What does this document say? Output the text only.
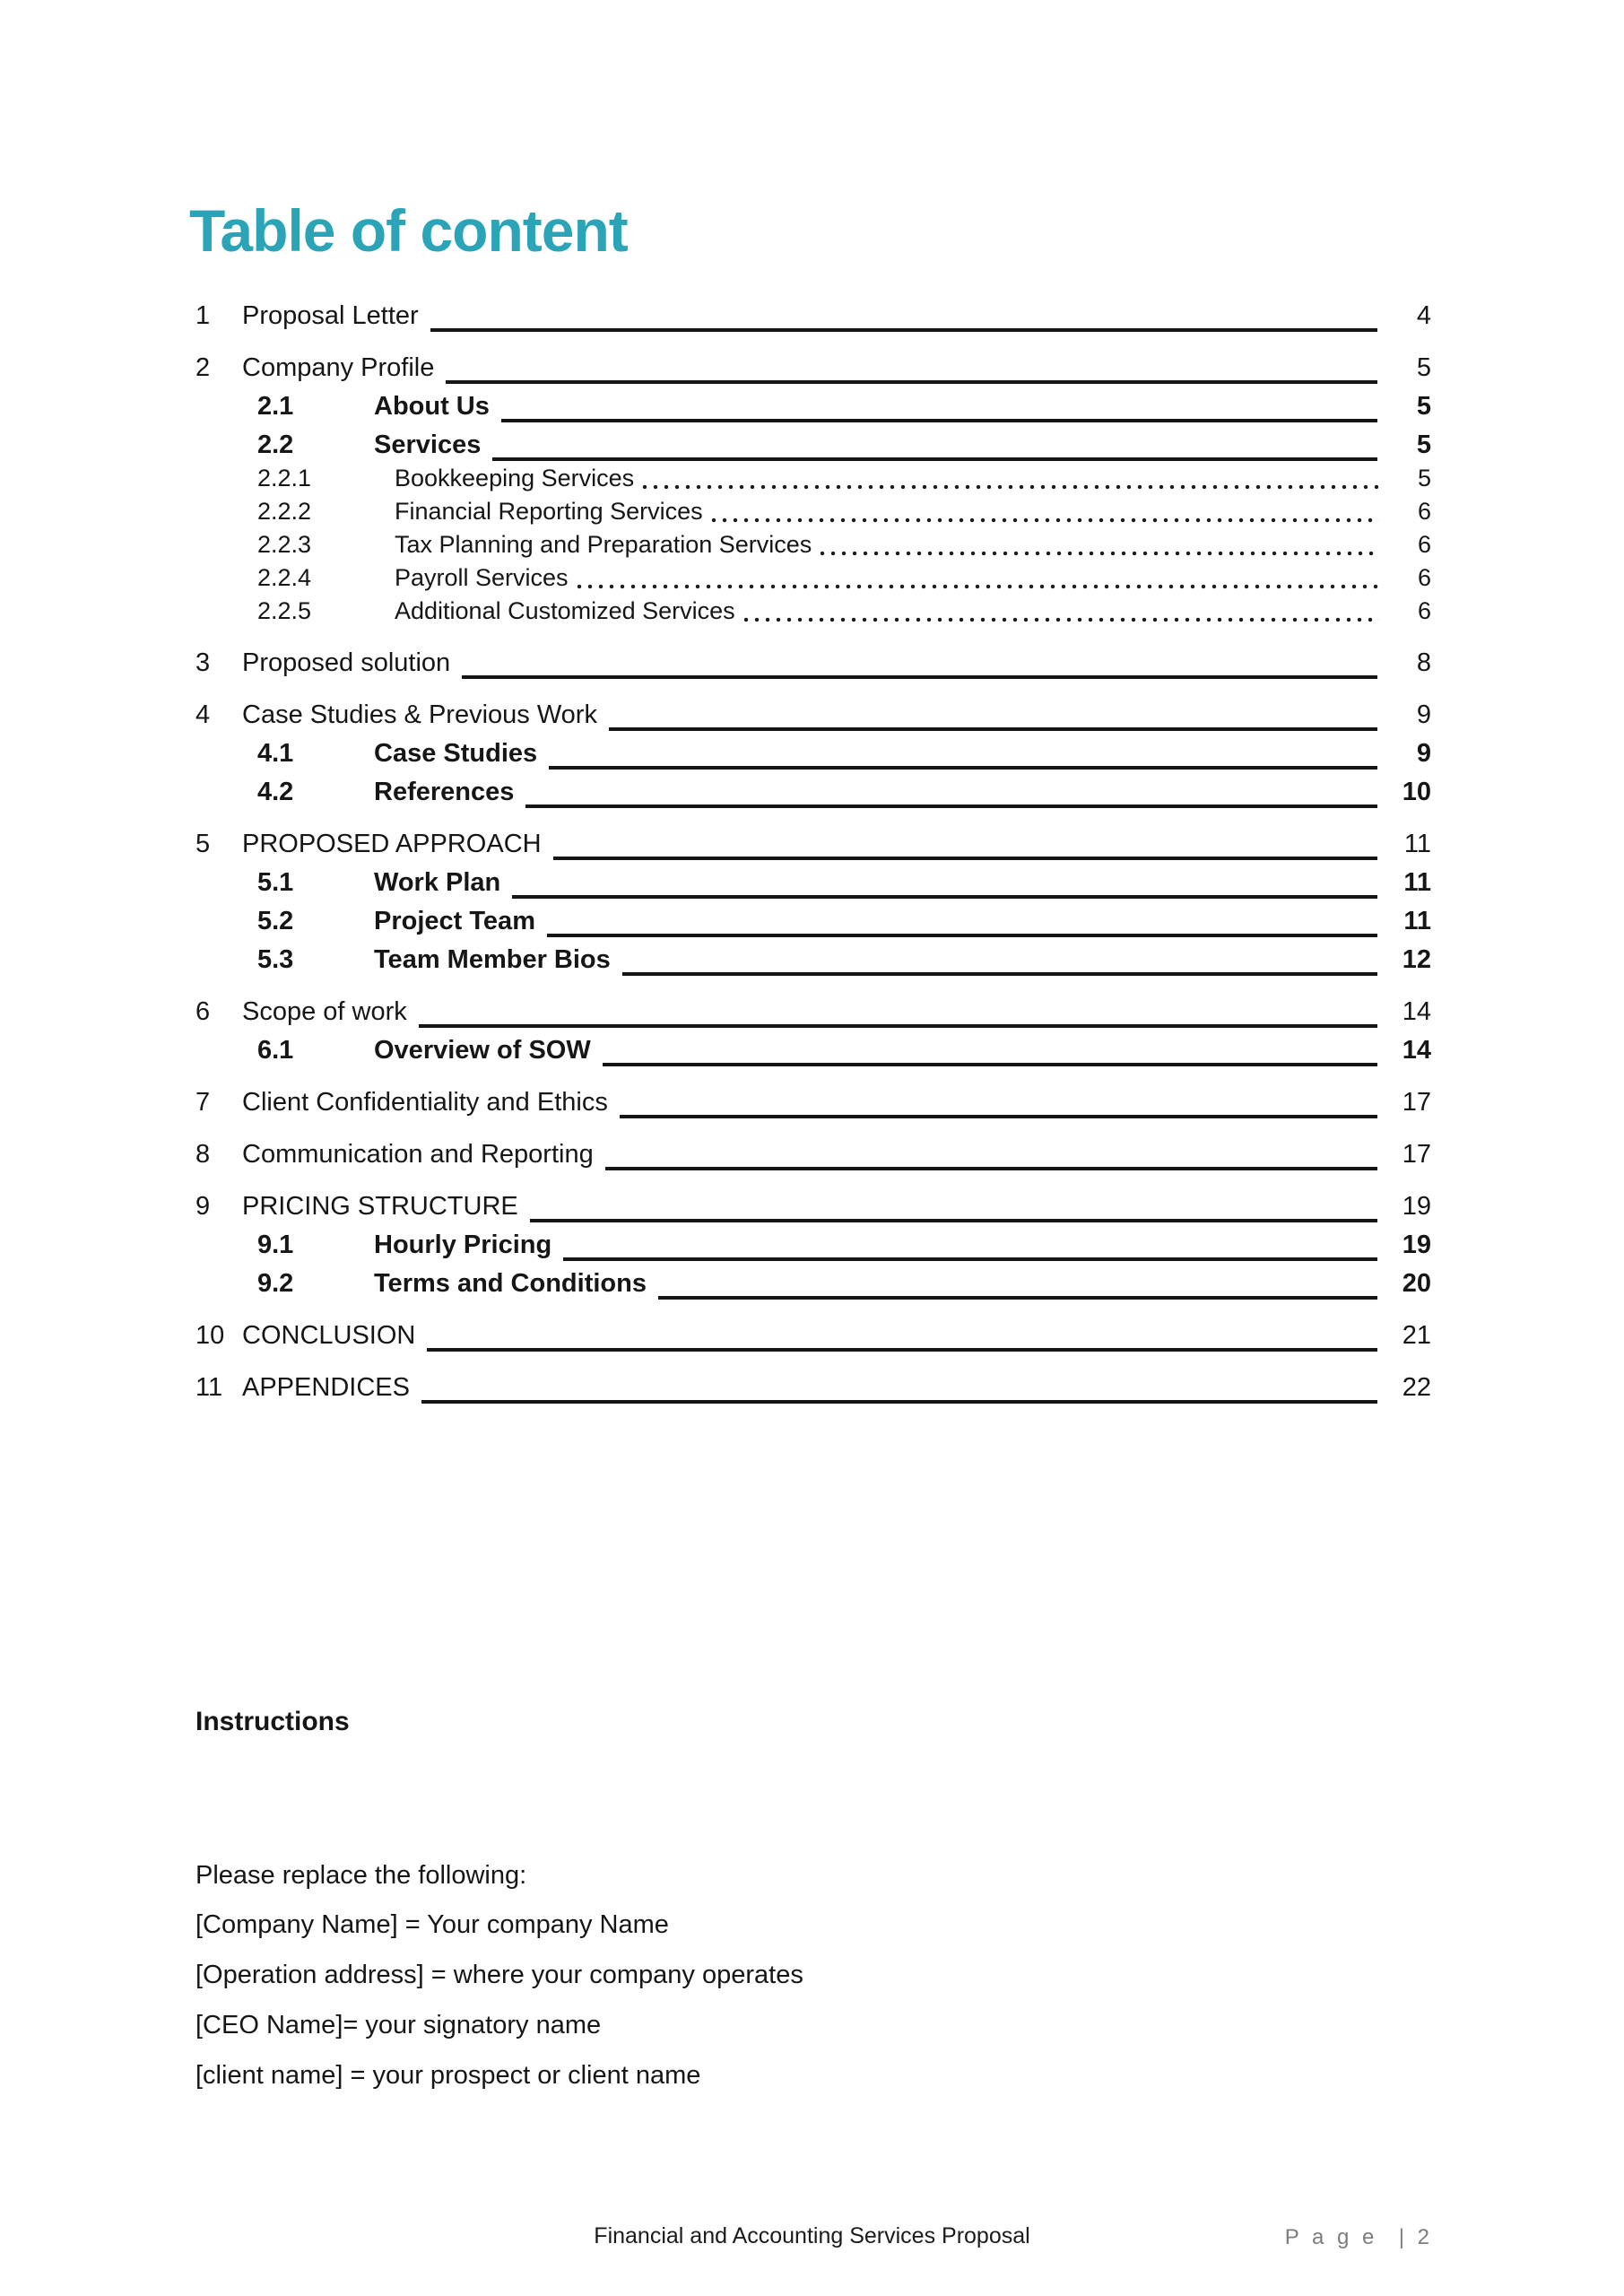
Table of content
1	Proposal Letter	4
2	Company Profile	5
2.1	About Us	5
2.2	Services	5
2.2.1	Bookkeeping Services	5
2.2.2	Financial Reporting Services	6
2.2.3	Tax Planning and Preparation Services	6
2.2.4	Payroll Services	6
2.2.5	Additional Customized Services	6
3	Proposed solution	8
4	Case Studies & Previous Work	9
4.1	Case Studies	9
4.2	References	10
5	PROPOSED APPROACH	11
5.1	Work Plan	11
5.2	Project Team	11
5.3	Team Member Bios	12
6	Scope of work	14
6.1	Overview of SOW	14
7	Client Confidentiality and Ethics	17
8	Communication and Reporting	17
9	PRICING STRUCTURE	19
9.1	Hourly Pricing	19
9.2	Terms and Conditions	20
10 CONCLUSION	21
11 APPENDICES	22
Instructions

Please replace the following:

[Company Name] = Your company Name

[Operation address] = where your company operates

[CEO Name]= your signatory name

[client name] = your prospect or client name

Financial and Accounting Services Proposal	P a g e  | 2
